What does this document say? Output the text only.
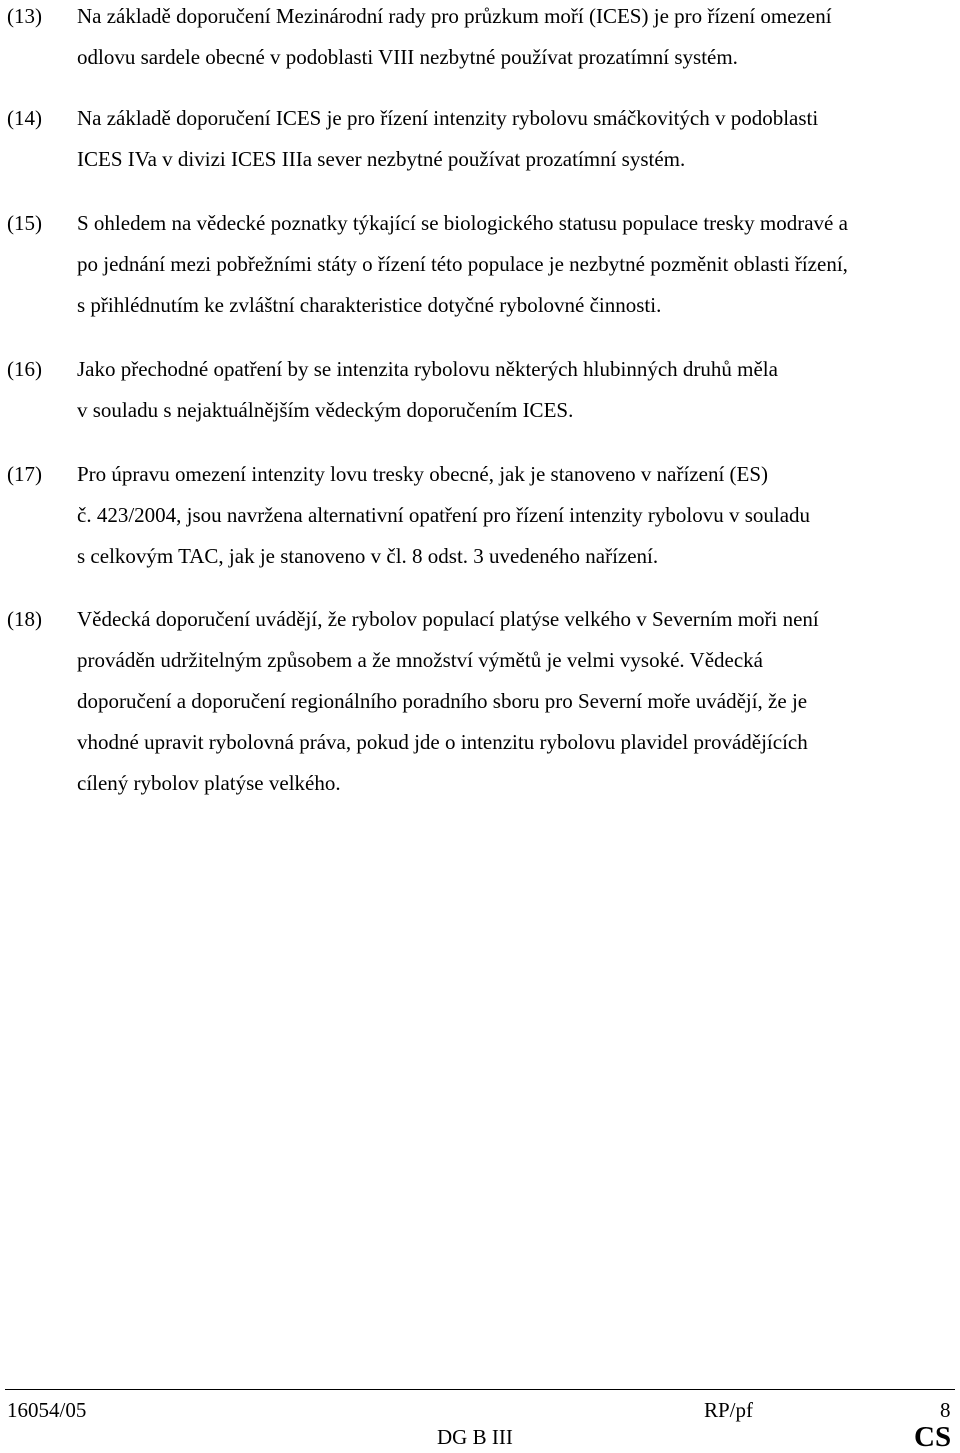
(13) Na základě doporučení Mezinárodní rady pro průzkum moří (ICES) je pro řízení omezení
odlovu sardele obecné v podoblasti VIII nezbytné používat prozatímní systém.
(14) Na základě doporučení ICES je pro řízení intenzity rybolovu smáčkovitých v podoblasti
ICES IVa v divizi ICES IIIa sever nezbytné používat prozatímní systém.
(15) S ohledem na vědecké poznatky týkající se biologického statusu populace tresky modravé a
po jednání mezi pobřežními státy o řízení této populace je nezbytné pozměnit oblasti řízení,
s přihlédnutím ke zvláštní charakteristice dotyčné rybolovné činnosti.
(16) Jako přechodné opatření by se intenzita rybolovu některých hlubinných druhů měla
v souladu s nejaktuálnějším vědeckým doporučením ICES.
(17) Pro úpravu omezení intenzity lovu tresky obecné, jak je stanoveno v nařízení (ES)
č. 423/2004, jsou navržena alternativní opatření pro řízení intenzity rybolovu v souladu
s celkovým TAC, jak je stanoveno v čl. 8 odst. 3 uvedeného nařízení.
(18) Vědecká doporučení uvádějí, že rybolov populací platýse velkého v Severním moři není
prováděn udržitelným způsobem a že množství výmětů je velmi vysoké. Vědecká
doporučení a doporučení regionálního poradního sboru pro Severní moře uvádějí, že je
vhodné upravit rybolovná práva, pokud jde o intenzitu rybolovu plavidel provádějících
cílený rybolov platýse velkého.
16054/05	RP/pf	8
DG B III	CS
